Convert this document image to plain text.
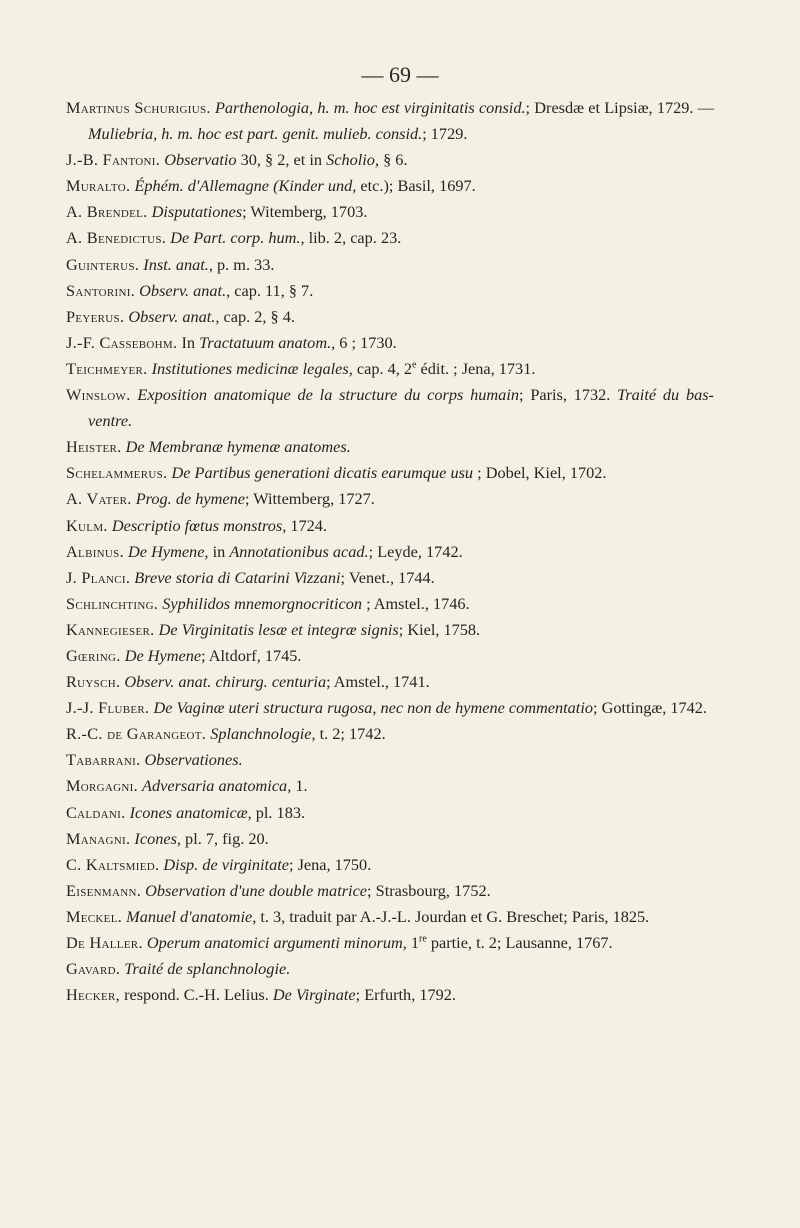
— 69 —
Martinus Schurigius. Parthenologia, h. m. hoc est virginitatis consid.; Dresdæ et Lipsiæ, 1729. — Muliebria, h. m. hoc est part. genit. mulieb. consid.; 1729.
J.-B. Fantoni. Observatio 30, § 2, et in Scholio, § 6.
Muralto. Éphém. d'Allemagne (Kinder und, etc.); Basil, 1697.
A. Brendel. Disputationes; Witemberg, 1703.
A. Benedictus. De Part. corp. hum., lib. 2, cap. 23.
Guinterus. Inst. anat., p. m. 33.
Santorini. Observ. anat., cap. 11, § 7.
Peyerus. Observ. anat., cap. 2, § 4.
J.-F. Cassebohm. In Tractatuum anatom., 6 ; 1730.
Teichmeyer. Institutiones medicinæ legales, cap. 4, 2e édit. ; Jena, 1731.
Winslow. Exposition anatomique de la structure du corps humain; Paris, 1732. Traité du bas-ventre.
Heister. De Membranæ hymenæ anatomes.
Schelammerus. De Partibus generationi dicatis earumque usu ; Dobel, Kiel, 1702.
A. Vater. Prog. de hymene; Wittemberg, 1727.
Kulm. Descriptio fœtus monstros, 1724.
Albinus. De Hymene, in Annotationibus acad.; Leyde, 1742.
J. Planci. Breve storia di Catarini Vizzani; Venet., 1744.
Schlinchting. Syphilidos mnemorgnocriticon ; Amstel., 1746.
Kannegieser. De Virginitatis lesæ et integræ signis; Kiel, 1758.
Gœring. De Hymene; Altdorf, 1745.
Ruysch. Observ. anat. chirurg. centuria; Amstel., 1741.
J.-J. Fluber. De Vaginæ uteri structura rugosa, nec non de hymene commentatio; Gottingæ, 1742.
R.-C. de Garangeot. Splanchnologie, t. 2; 1742.
Tabarrani. Observationes.
Morgagni. Adversaria anatomica, 1.
Caldani. Icones anatomicæ, pl. 183.
Managni. Icones, pl. 7, fig. 20.
C. Kaltsmied. Disp. de virginitate; Jena, 1750.
Eisenmann. Observation d'une double matrice; Strasbourg, 1752.
Meckel. Manuel d'anatomie, t. 3, traduit par A.-J.-L. Jourdan et G. Breschet; Paris, 1825.
De Haller. Operum anatomici argumenti minorum, 1re partie, t. 2; Lausanne, 1767.
Gavard. Traité de splanchnologie.
Hecker, respond. C.-H. Lelius. De Virginate; Erfurth, 1792.
